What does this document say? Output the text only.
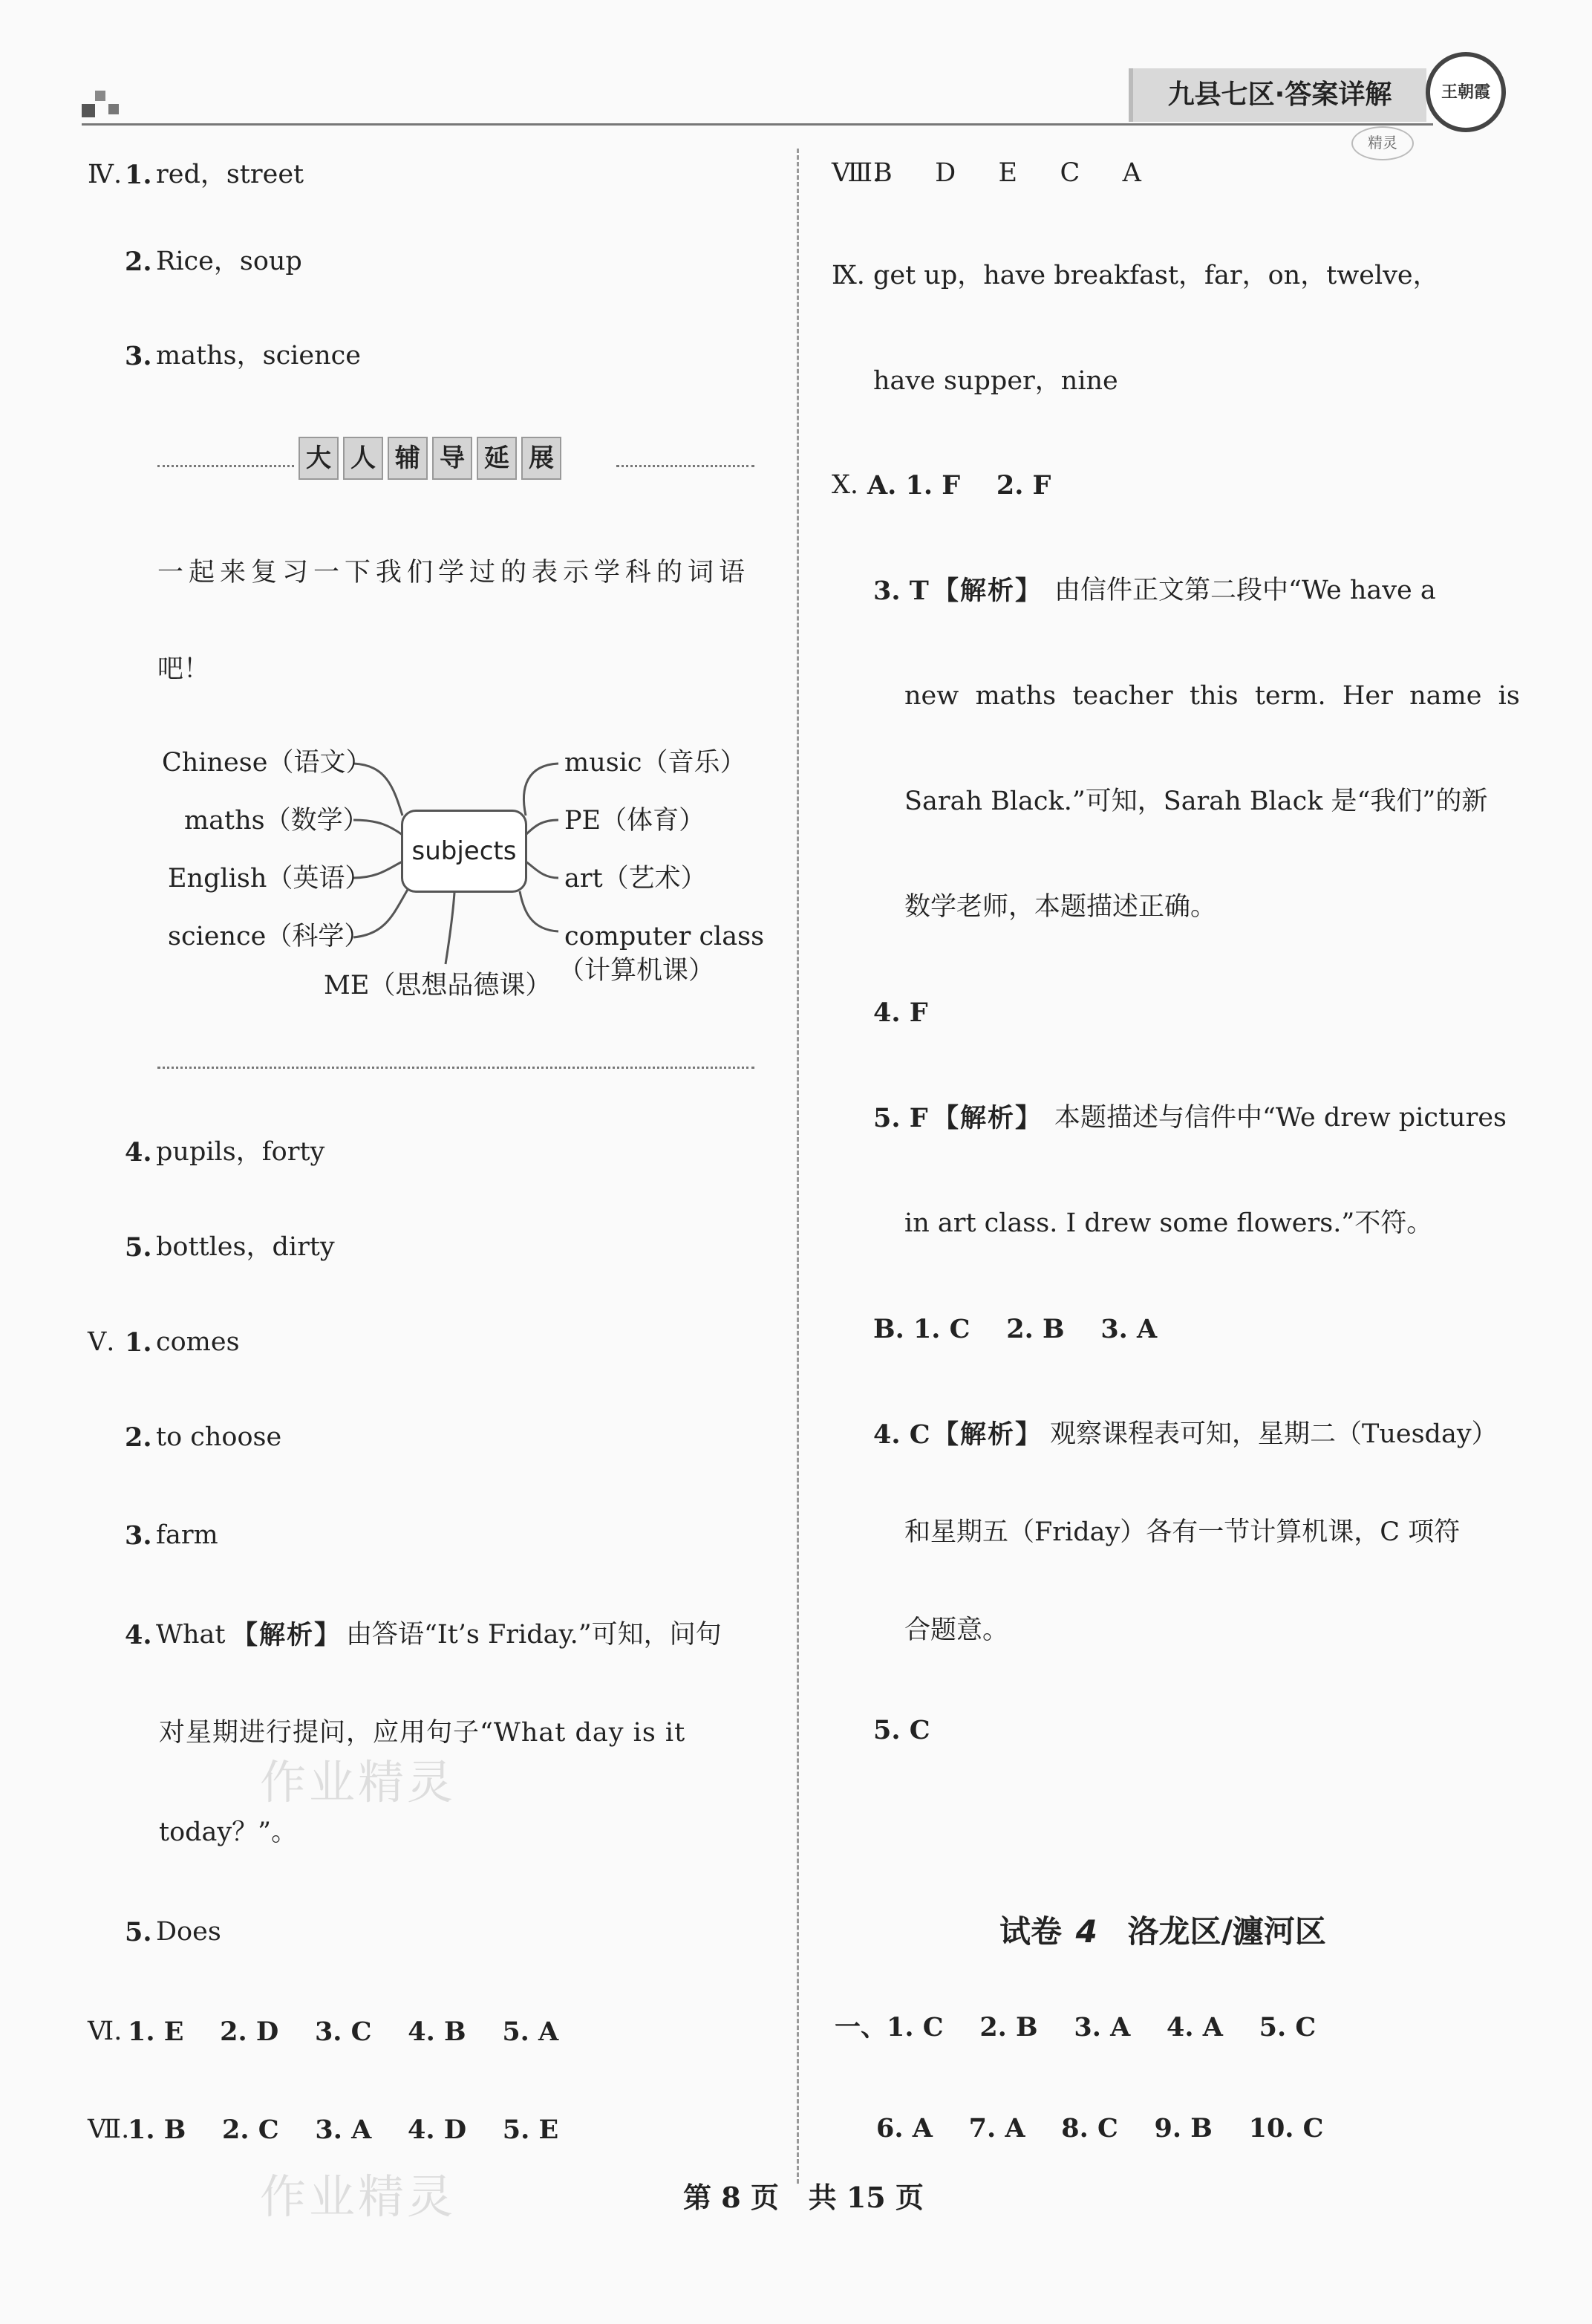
九县七区·答案详解	王朝霞
精灵
Ⅳ. 1. red，street
2. Rice，soup
3. maths，science
大 人 辅 导 延 展
一起来复习一下我们学过的表示学科的词语
吧！
subjects
Chinese（语文）
maths（数学）
English（英语）
science（科学）
music（音乐）
PE（体育）
art（艺术）
computer class
（计算机课）
ME（思想品德课）
4. pupils，forty
5. bottles，dirty
Ⅴ. 1. comes
2. to choose
3. farm
4. What 【解析】 由答语“It’s Friday.”可知，问句
对星期进行提问，应用句子“What day is it
today？”。
5. Does
Ⅵ. 1. E    2. D    3. C    4. B    5. A
Ⅶ.
1. B    2. C    3. A    4. D    5. E
Ⅷ.
B   D   E   C   A
Ⅸ. get up，have breakfast，far，on，twelve，
have supper，nine
Ⅹ. A. 1. F    2. F
3. T 【解析】 由信件正文第二段中“We have a
new  maths  teacher  this  term.  Her  name  is
Sarah Black.”可知，Sarah Black 是“我们”的新
数学老师，本题描述正确。
4. F
5. F 【解析】 本题描述与信件中“We drew pictures
in art class. I drew some flowers.”不符。
B. 1. C    2. B    3. A
4. C 【解析】 观察课程表可知，星期二（Tuesday）
和星期五（Friday）各有一节计算机课，C 项符
合题意。
5. C
试卷 4 洛龙区/瀍河区
一、1. C    2. B    3. A    4. A    5. C
6. A    7. A    8. C    9. B    10. C
作业精灵
作业精灵	第 8 页   共 15 页
